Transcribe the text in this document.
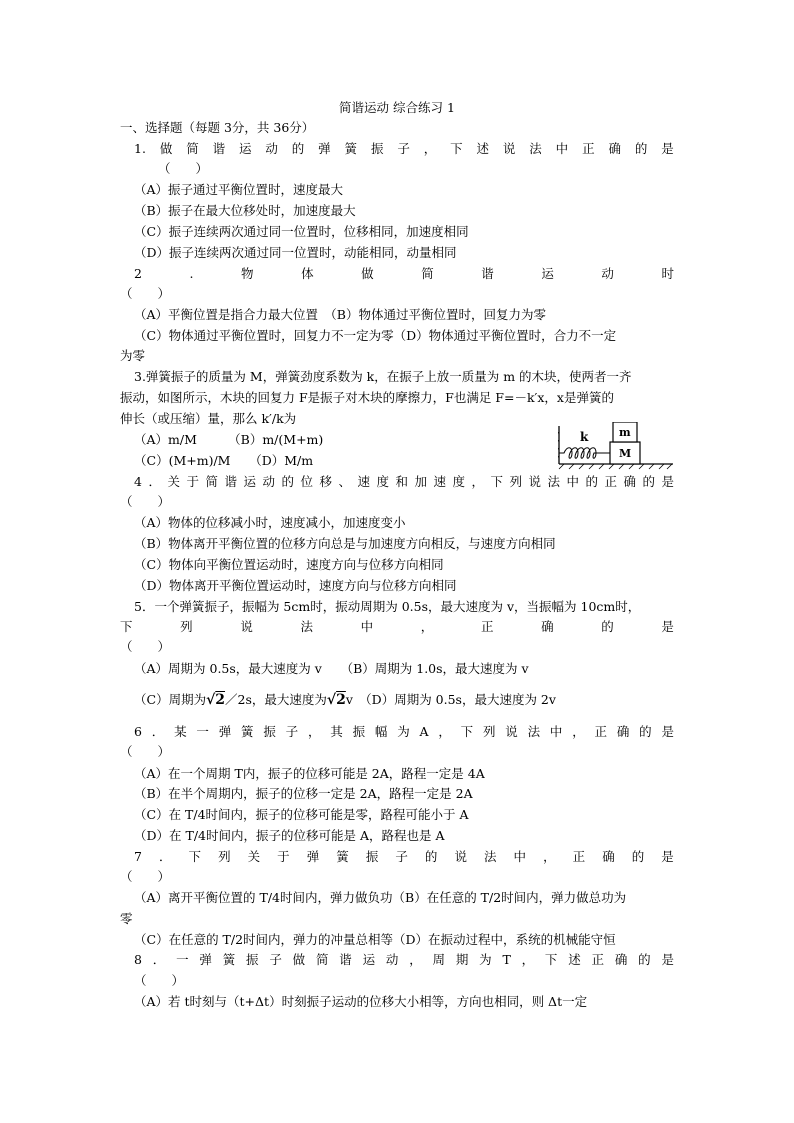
简谐运动 综合练习 1
一、选择题（每题 3分，共 36分）
1. 做 简 谐 运 动 的 弹 簧 振 子 ， 下 述 说 法 中 正 确 的 是
（　　）
（A）振子通过平衡位置时，速度最大
（B）振子在最大位移处时，加速度最大
（C）振子连续两次通过同一位置时，位移相同，加速度相同
（D）振子连续两次通过同一位置时，动能相同，动量相同
2	.	物	体	做	简	谐	运	动	时
（　　）
（A）平衡位置是指合力最大位置　（B）物体通过平衡位置时，回复力为零
（C）物体通过平衡位置时，回复力不一定为零（D）物体通过平衡位置时，合力不一定
为零
3.弹簧振子的质量为 M，弹簧劲度系数为 k，在振子上放一质量为 m 的木块，使两者一齐
振动，如图所示，木块的回复力 F是振子对木块的摩擦力，F也满足 F=－k′x，x是弹簧的
伸长（或压缩）量，那么 k′/k为
（A）m/M　　　（B）m/(M+m)
（C）(M+m)/M　　（D）M/m
k
M
m
4 ． 关 于 简 谐 运 动 的 位 移 、 速 度 和 加 速 度 ， 下 列 说 法 中 的 正 确 的 是
（　　）
（A）物体的位移减小时，速度减小，加速度变小
（B）物体离开平衡位置的位移方向总是与加速度方向相反，与速度方向相同
（C）物体向平衡位置运动时，速度方向与位移方向相同
（D）物体离开平衡位置运动时，速度方向与位移方向相同
5．一个弹簧振子，振幅为 5cm时，振动周期为 0.5s，最大速度为 v，当振幅为 10cm时，
下	列	说	法	中	，	正	确	的	是
（　　）
（A）周期为 0.5s，最大速度为 v　　（B）周期为 1.0s，最大速度为 v
（C）周期为√2／2s，最大速度为√2v　（D）周期为 0.5s，最大速度为 2v
6 ． 某 一 弹 簧 振 子 ， 其 振 幅 为 A ， 下 列 说 法 中 ， 正 确 的 是
（　　）
（A）在一个周期 T内，振子的位移可能是 2A，路程一定是 4A
（B）在半个周期内，振子的位移一定是 2A，路程一定是 2A
（C）在 T/4时间内，振子的位移可能是零，路程可能小于 A
（D）在 T/4时间内，振子的位移可能是 A，路程也是 A
7 ． 下 列 关 于 弹 簧 振 子 的 说 法 中 ， 正 确 的 是
（　　）
（A）离开平衡位置的 T/4时间内，弹力做负功（B）在任意的 T/2时间内，弹力做总功为
零
（C）在任意的 T/2时间内，弹力的冲量总相等（D）在振动过程中，系统的机械能守恒
8 ． 一 弹 簧 振 子 做 简 谐 运 动 ， 周 期 为 T ， 下 述 正 确 的 是
（　　）
（A）若 t时刻与（t+Δt）时刻振子运动的位移大小相等，方向也相同，则 Δt一定
